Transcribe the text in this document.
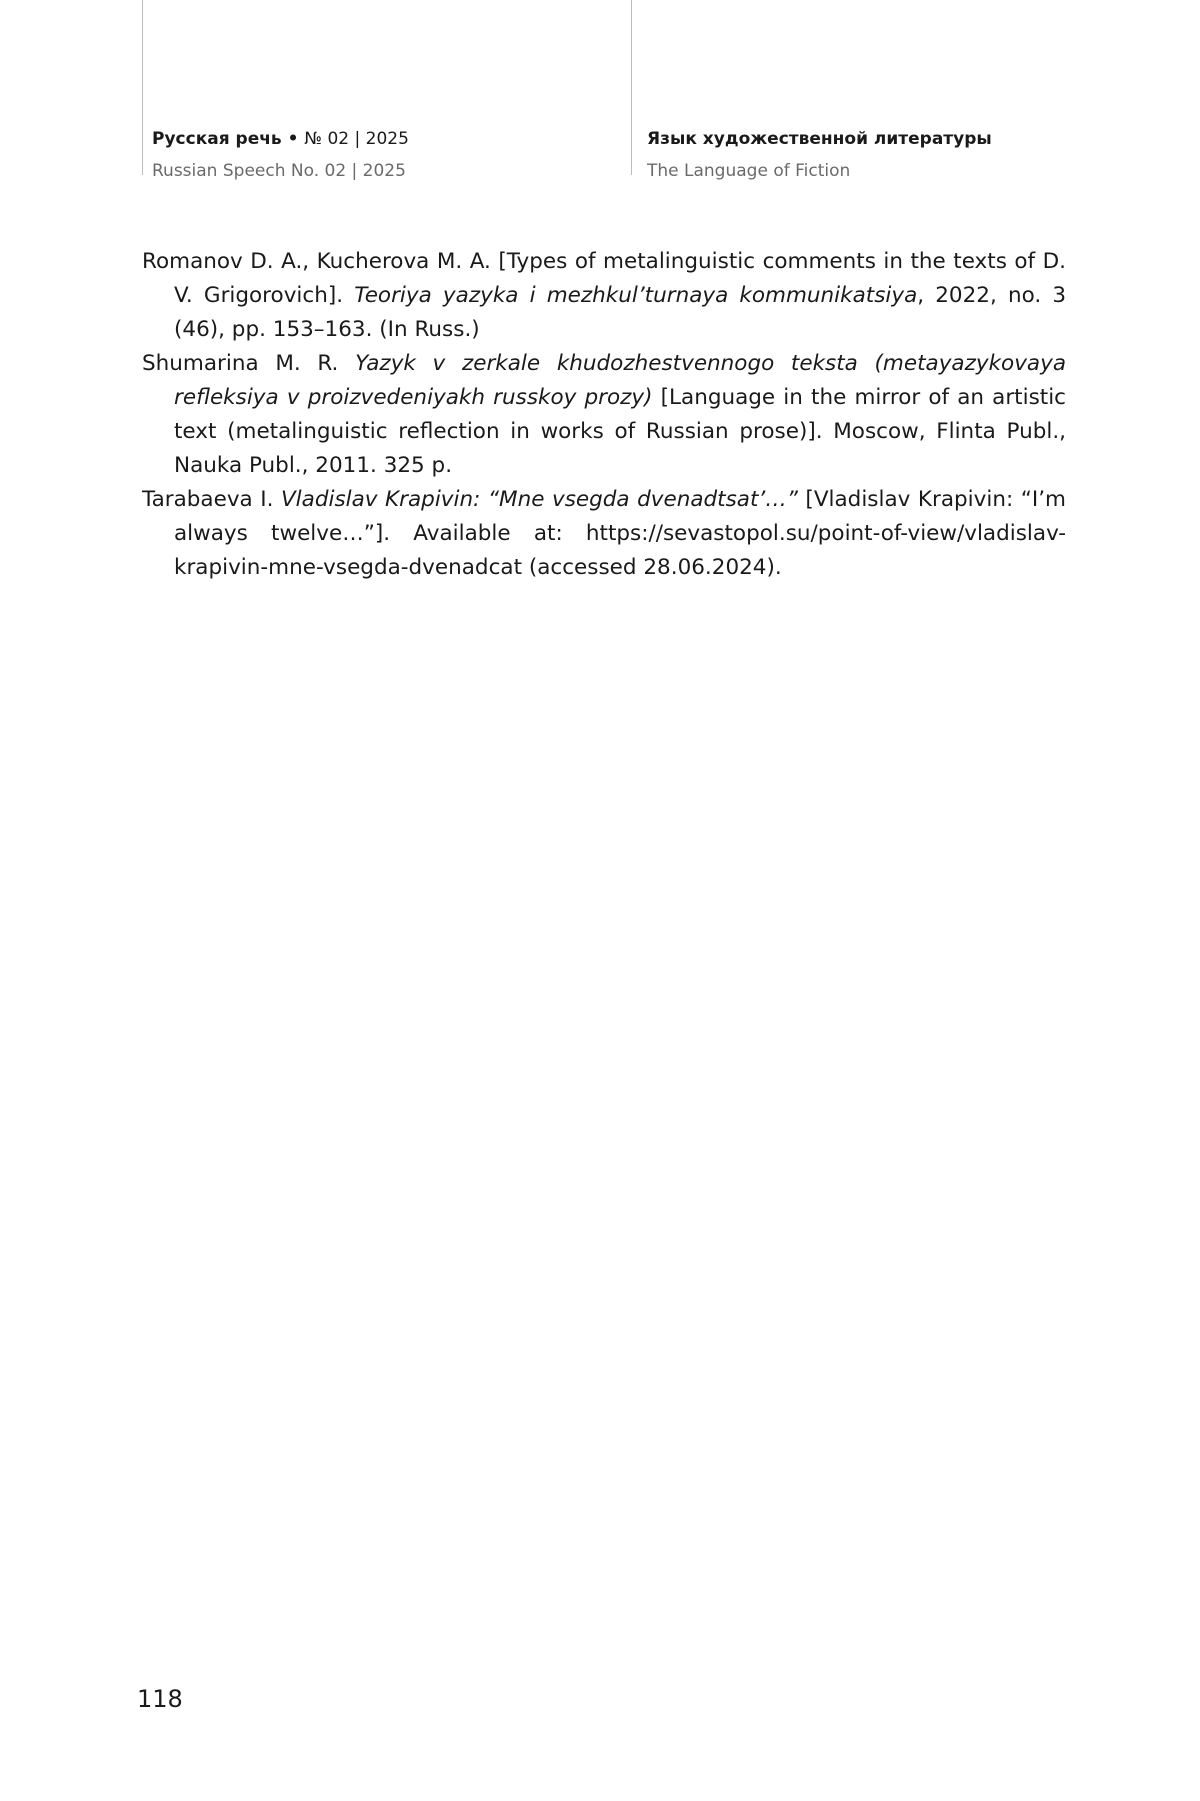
Русская речь • № 02 | 2025
Russian Speech No. 02 | 2025
Язык художественной литературы
The Language of Fiction

Romanov D. A., Kucherova M. A. [Types of metalinguistic comments in the texts of D. V. Grigorovich]. Teoriya yazyka i mezhkul’turnaya kommunikatsiya, 2022, no. 3 (46), pp. 153–163. (In Russ.)

Shumarina M. R. Yazyk v zerkale khudozhestvennogo teksta (metayazykovaya refleksiya v proizvedeniyakh russkoy prozy) [Language in the mirror of an artistic text (metalinguistic reflection in works of Russian prose)]. Moscow, Flinta Publ., Nauka Publ., 2011. 325 p.

Tarabaeva I. Vladislav Krapivin: “Mne vsegda dvenadtsat’…” [Vladislav Krapivin: “I’m always twelve…”]. Available at: https://sevastopol.su/point-of-view/vladislav-krapivin-mne-vsegda-dvenadcat (accessed 28.06.2024).

118
